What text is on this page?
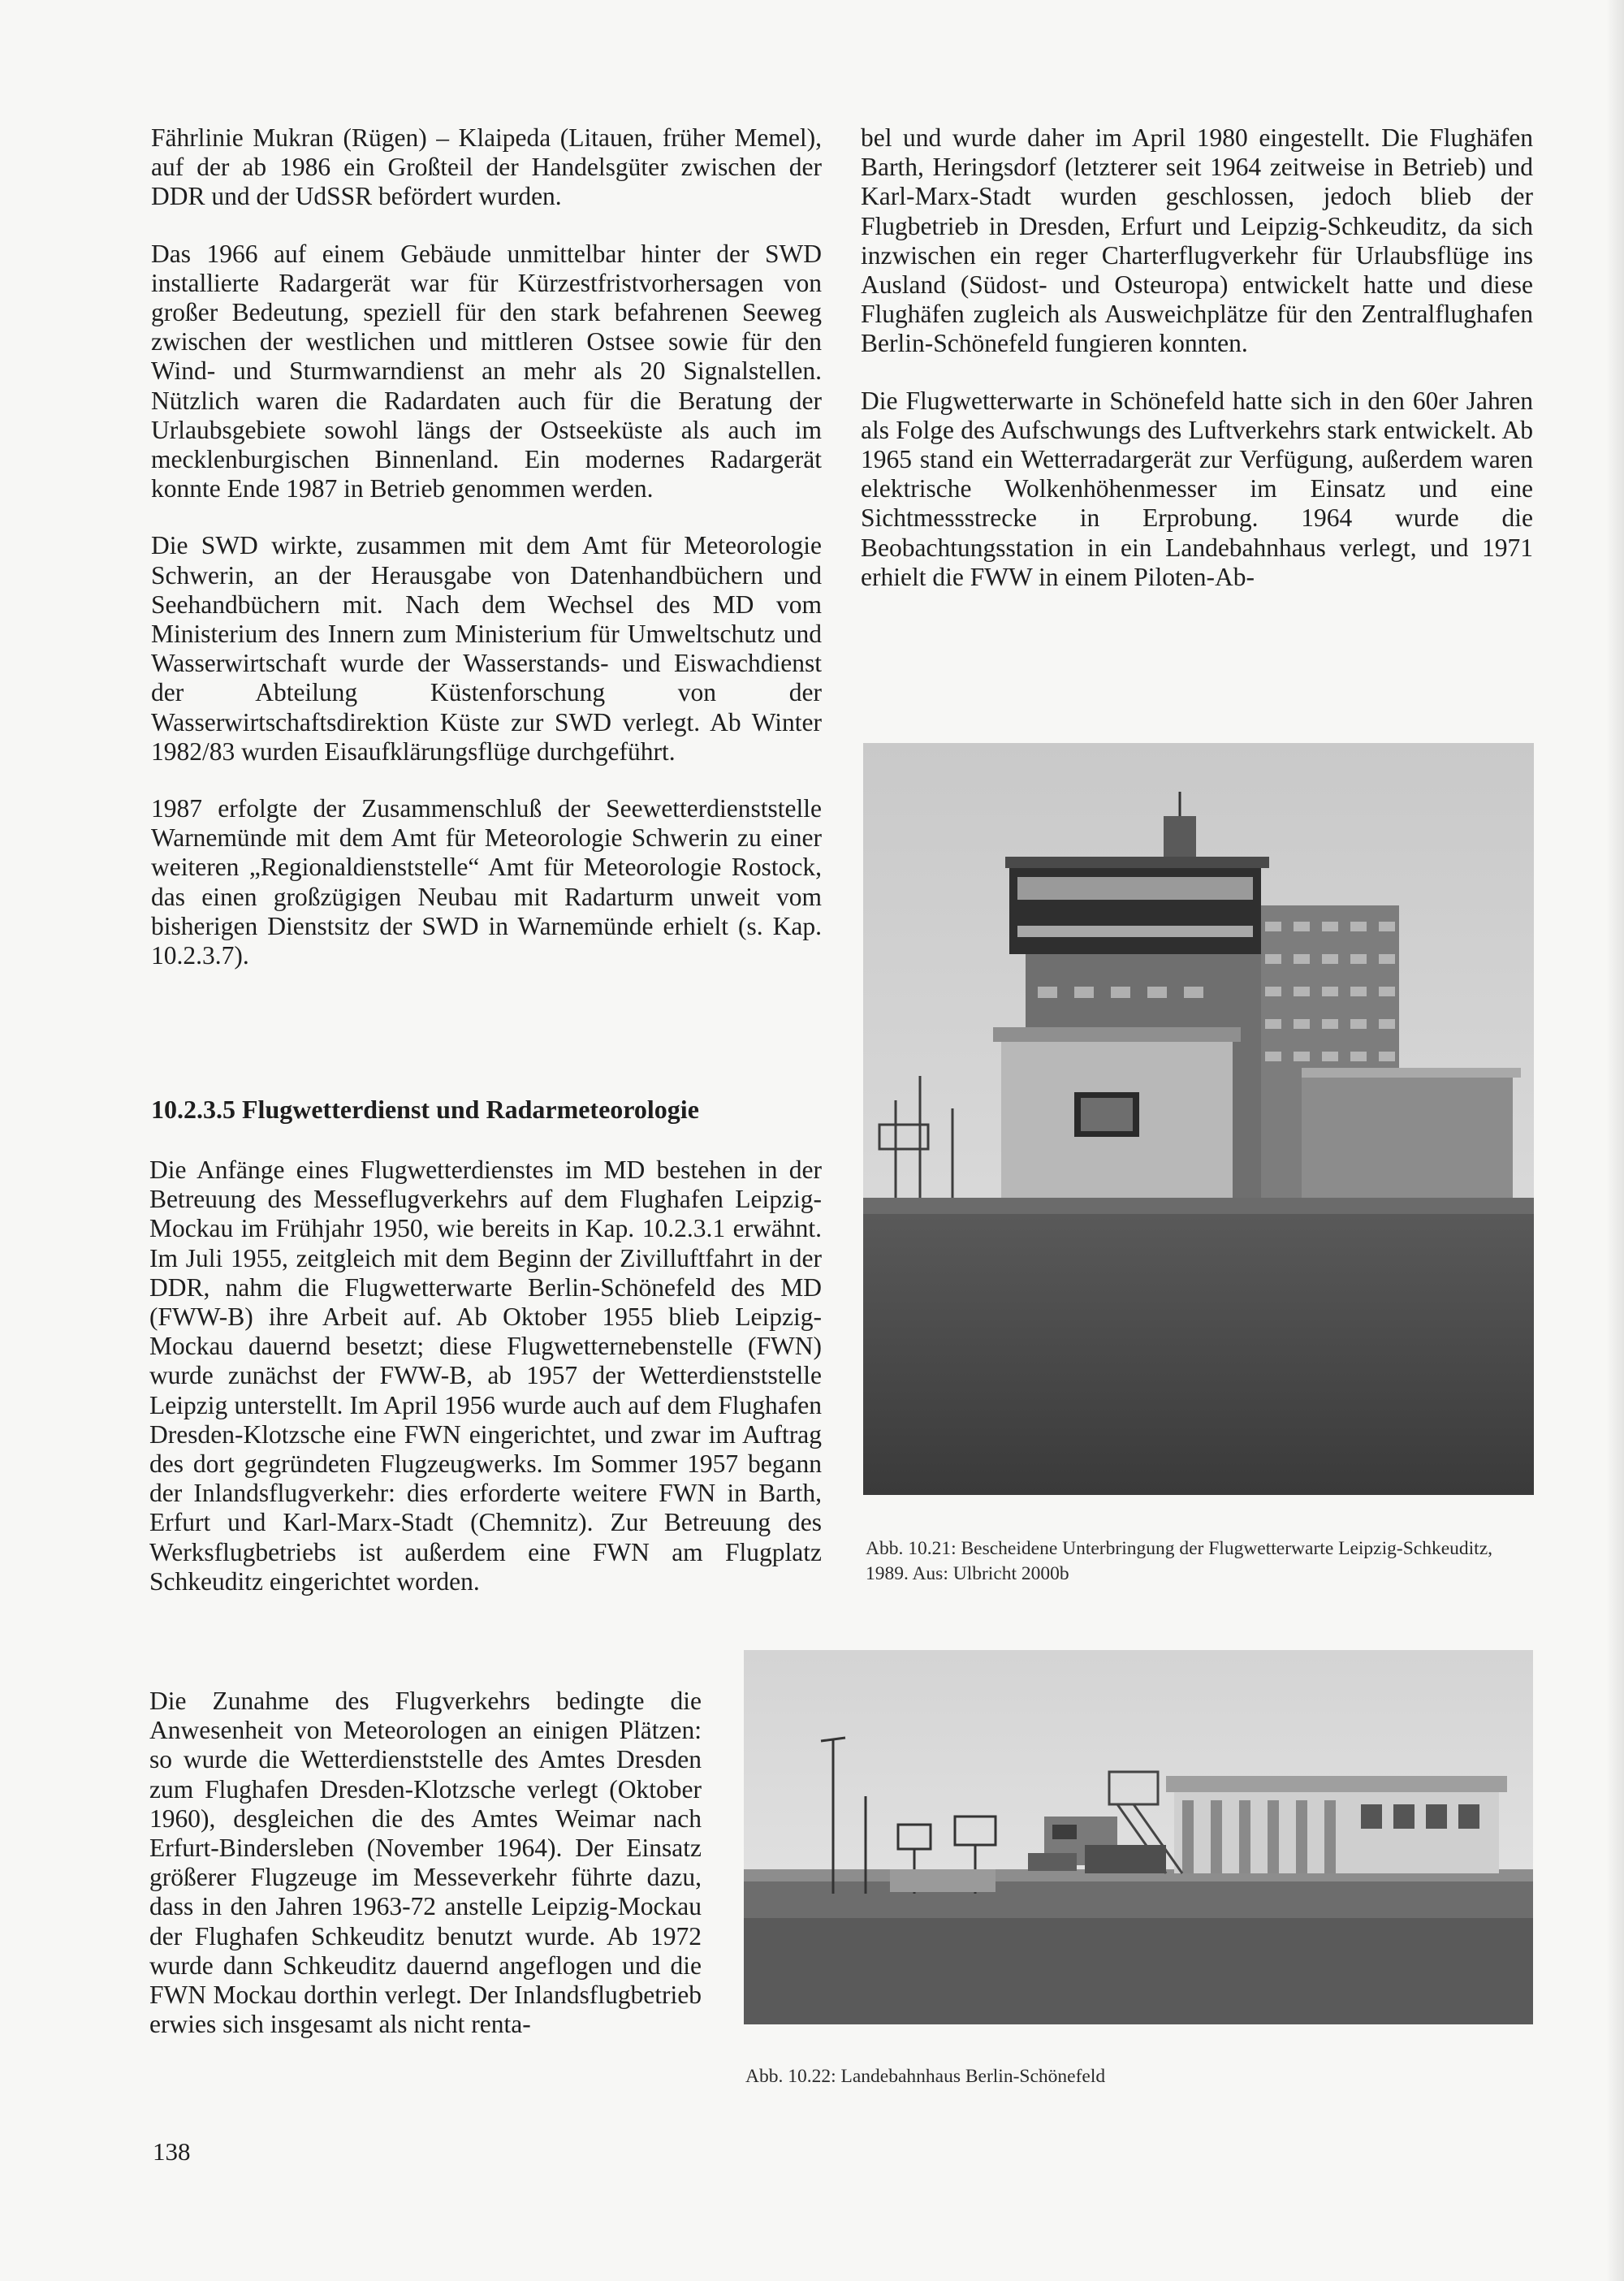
Fährlinie Mukran (Rügen) – Klaipeda (Litauen, früher Memel), auf der ab 1986 ein Großteil der Handelsgüter zwischen der DDR und der UdSSR befördert wurden.

Das 1966 auf einem Gebäude unmittelbar hinter der SWD installierte Radargerät war für Kürzestfristvorhersagen von großer Bedeutung, speziell für den stark befahrenen Seeweg zwischen der westlichen und mittleren Ostsee sowie für den Wind- und Sturmwarndienst an mehr als 20 Signalstellen. Nützlich waren die Radardaten auch für die Beratung der Urlaubsgebiete sowohl längs der Ostseeküste als auch im mecklenburgischen Binnenland. Ein modernes Radargerät konnte Ende 1987 in Betrieb genommen werden.

Die SWD wirkte, zusammen mit dem Amt für Meteorologie Schwerin, an der Herausgabe von Datenhandbüchern und Seehandbüchern mit. Nach dem Wechsel des MD vom Ministerium des Innern zum Ministerium für Umweltschutz und Wasserwirtschaft wurde der Wasserstands- und Eiswachdienst der Abteilung Küstenforschung von der Wasserwirtschaftsdirektion Küste zur SWD verlegt. Ab Winter 1982/83 wurden Eisaufklärungsflüge durchgeführt.

1987 erfolgte der Zusammenschluß der Seewetterdienststelle Warnemünde mit dem Amt für Meteorologie Schwerin zu einer weiteren „Regionaldienststelle“ Amt für Meteorologie Rostock, das einen großzügigen Neubau mit Radarturm unweit vom bisherigen Dienstsitz der SWD in Warnemünde erhielt (s. Kap. 10.2.3.7).

10.2.3.5 Flugwetterdienst und Radarmeteorologie

Die Anfänge eines Flugwetterdienstes im MD bestehen in der Betreuung des Messeflugverkehrs auf dem Flughafen Leipzig-Mockau im Frühjahr 1950, wie bereits in Kap. 10.2.3.1 erwähnt. Im Juli 1955, zeitgleich mit dem Beginn der Zivilluftfahrt in der DDR, nahm die Flugwetterwarte Berlin-Schönefeld des MD (FWW-B) ihre Arbeit auf. Ab Oktober 1955 blieb Leipzig-Mockau dauernd besetzt; diese Flugwetternebenstelle (FWN) wurde zunächst der FWW-B, ab 1957 der Wetterdienststelle Leipzig unterstellt. Im April 1956 wurde auch auf dem Flughafen Dresden-Klotzsche eine FWN eingerichtet, und zwar im Auftrag des dort gegründeten Flugzeugwerks. Im Sommer 1957 begann der Inlandsflugverkehr: dies erforderte weitere FWN in Barth, Erfurt und Karl-Marx-Stadt (Chemnitz). Zur Betreuung des Werksflugbetriebs ist außerdem eine FWN am Flugplatz Schkeuditz eingerichtet worden.

Die Zunahme des Flugverkehrs bedingte die Anwesenheit von Meteorologen an einigen Plätzen: so wurde die Wetterdienststelle des Amtes Dresden zum Flughafen Dresden-Klotzsche verlegt (Oktober 1960), desgleichen die des Amtes Weimar nach Erfurt-Bindersleben (November 1964). Der Einsatz größerer Flugzeuge im Messeverkehr führte dazu, dass in den Jahren 1963-72 anstelle Leipzig-Mockau der Flughafen Schkeuditz benutzt wurde. Ab 1972 wurde dann Schkeuditz dauernd angeflogen und die FWN Mockau dorthin verlegt. Der Inlandsflugbetrieb erwies sich insgesamt als nicht renta-

bel und wurde daher im April 1980 eingestellt. Die Flughäfen Barth, Heringsdorf (letzterer seit 1964 zeitweise in Betrieb) und Karl-Marx-Stadt wurden geschlossen, jedoch blieb der Flugbetrieb in Dresden, Erfurt und Leipzig-Schkeuditz, da sich inzwischen ein reger Charterflugverkehr für Urlaubsflüge ins Ausland (Südost- und Osteuropa) entwickelt hatte und diese Flughäfen zugleich als Ausweichplätze für den Zentralflughafen Berlin-Schönefeld fungieren konnten.

Die Flugwetterwarte in Schönefeld hatte sich in den 60er Jahren als Folge des Aufschwungs des Luftverkehrs stark entwickelt. Ab 1965 stand ein Wetterradargerät zur Verfügung, außerdem waren elektrische Wolkenhöhenmesser im Einsatz und eine Sichtmessstrecke in Erprobung. 1964 wurde die Beobachtungsstation in ein Landebahnhaus verlegt, und 1971 erhielt die FWW in einem Piloten-Ab-

Abb. 10.21: Bescheidene Unterbringung der Flugwetterwarte Leipzig-Schkeuditz, 1989. Aus: Ulbricht 2000b
Abb. 10.22: Landebahnhaus Berlin-Schönefeld
138
